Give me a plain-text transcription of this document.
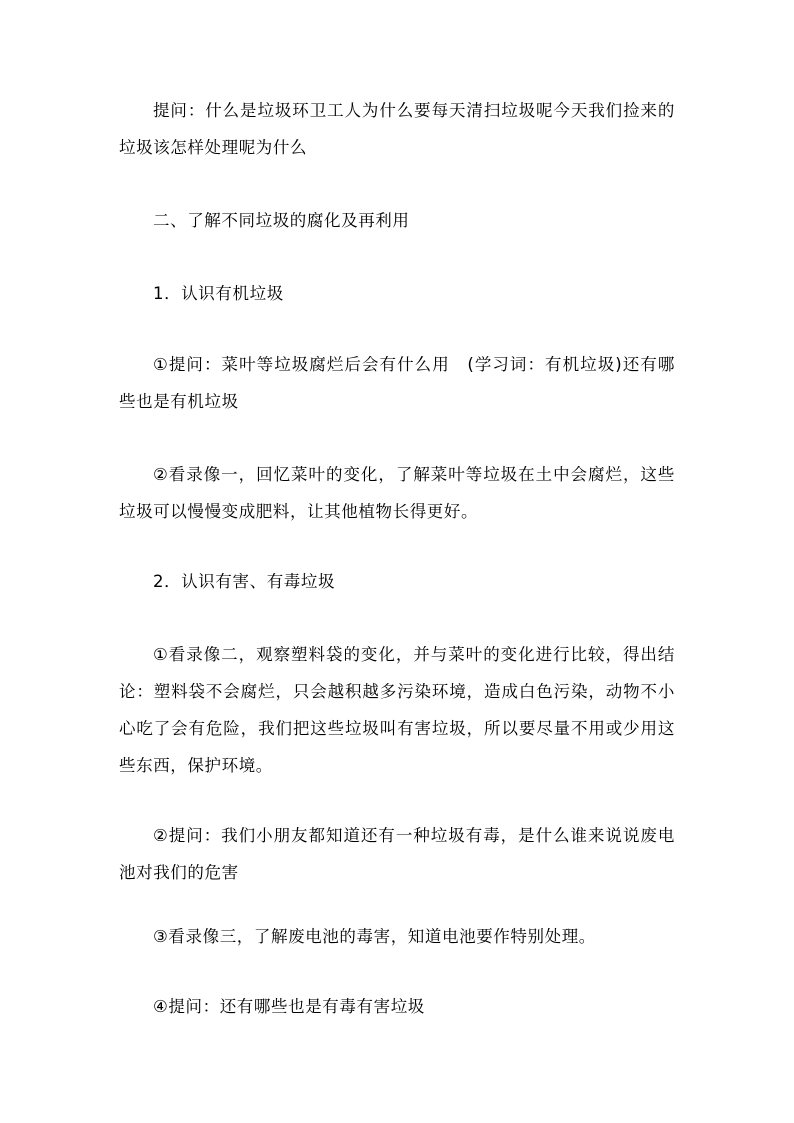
提问：什么是垃圾环卫工人为什么要每天清扫垃圾呢今天我们捡来的垃圾该怎样处理呢为什么

二、了解不同垃圾的腐化及再利用

1．认识有机垃圾

①提问：菜叶等垃圾腐烂后会有什么用　(学习词：有机垃圾)还有哪些也是有机垃圾

②看录像一，回忆菜叶的变化，了解菜叶等垃圾在土中会腐烂，这些垃圾可以慢慢变成肥料，让其他植物长得更好。

2．认识有害、有毒垃圾

①看录像二，观察塑料袋的变化，并与菜叶的变化进行比较，得出结论：塑料袋不会腐烂，只会越积越多污染环境，造成白色污染，动物不小心吃了会有危险，我们把这些垃圾叫有害垃圾，所以要尽量不用或少用这些东西，保护环境。

②提问：我们小朋友都知道还有一种垃圾有毒，是什么谁来说说废电池对我们的危害

③看录像三，了解废电池的毒害，知道电池要作特别处理。

④提问：还有哪些也是有毒有害垃圾
